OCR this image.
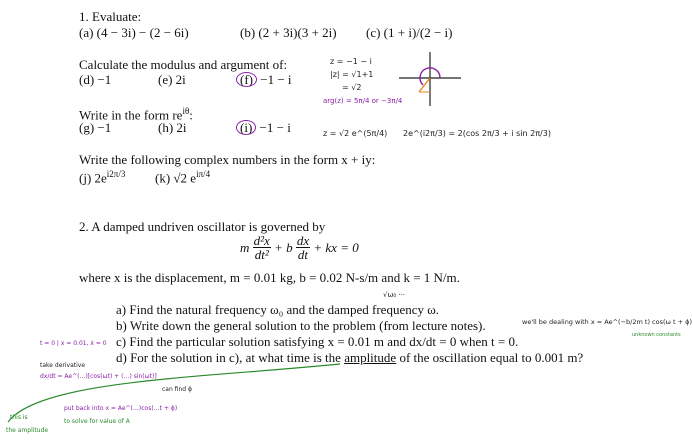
1. Evaluate:
(a) (4 − 3i) − (2 − 6i)	(b) (2 + 3i)(3 + 2i) (c) (1 + i)/(2 − i)
Calculate the modulus and argument of:
(d) −1	(e) 2i	(f) −1 − i
Write in the form $re^{i\theta}$:
(g) −1	(h) 2i	(i) −1 − i
Write the following complex numbers in the form x + iy:
(j) $2e^{i2\pi/3}$ (k) √2 $e^{i\pi/4}$
2. A damped undriven oscillator is governed by
m $\frac{\text{d²x}}{\text{dt²}} + b \frac{dx}{dt}$ + kx = 0
where x is the displacement, m = 0.01 kg, b = 0.02 N-s/m and k = 1 N/m.
a) Find the natural frequency ω₀ and the damped frequency ω.
b) Write down the general solution to the problem (from lecture notes).
c) Find the particular solution satisfying x = 0.01 m and dx/dt = 0 when t = 0.
d) For the solution in c), at what time is the amplitude of the oscillation equal to 0.001 m?
z = −1 − i
|z| = √1+1
= √2
arg(z) = 5π/4 or −3π/4
z = √2 e^(5π/4) 2e^(i2π/3) = 2(cos 2π/3 + i sin 2π/3)
√ω₀ ···
we'll be dealing with x = Ae^(−b/2m t) cos(ω t + ϕ)
unknown constants
t = 0 | x = 0.01, ẋ = 0
take derivative
dx/dt = Ae^(…)[cos(ωt) + (…) sin(ωt)]
can find ϕ
put back into x = Ae^(…)cos(…t + ϕ)
to solve for value of A
this is
the amplitude
